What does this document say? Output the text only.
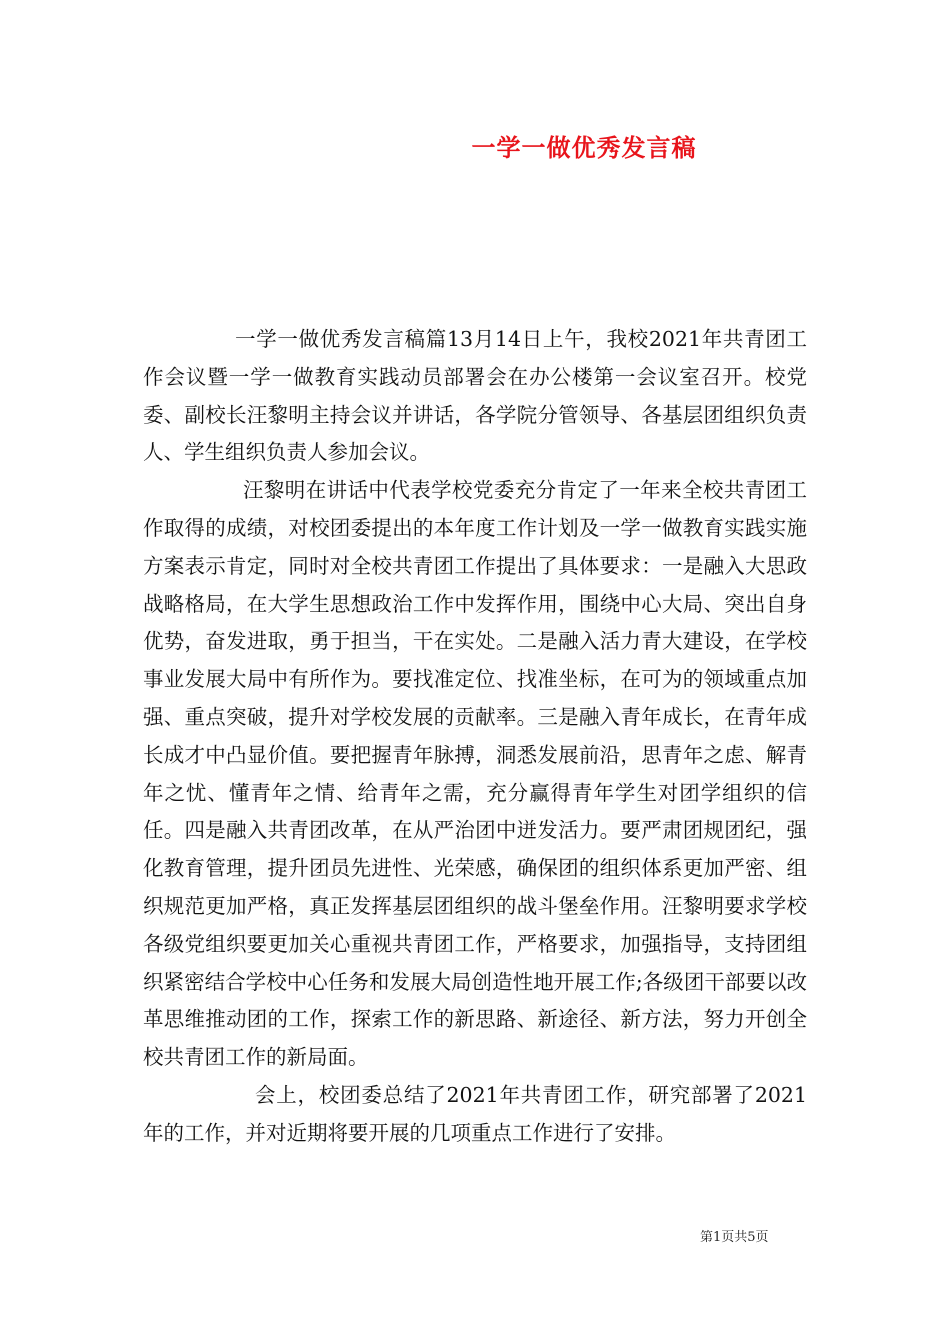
一学一做优秀发言稿

一学一做优秀发言稿篇13月14日上午，我校2021年共青团工作会议暨一学一做教育实践动员部署会在办公楼第一会议室召开。校党委、副校长汪黎明主持会议并讲话，各学院分管领导、各基层团组织负责人、学生组织负责人参加会议。

汪黎明在讲话中代表学校党委充分肯定了一年来全校共青团工作取得的成绩，对校团委提出的本年度工作计划及一学一做教育实践实施方案表示肯定，同时对全校共青团工作提出了具体要求：一是融入大思政战略格局，在大学生思想政治工作中发挥作用，围绕中心大局、突出自身优势，奋发进取，勇于担当，干在实处。二是融入活力青大建设，在学校事业发展大局中有所作为。要找准定位、找准坐标，在可为的领域重点加强、重点突破，提升对学校发展的贡献率。三是融入青年成长，在青年成长成才中凸显价值。要把握青年脉搏，洞悉发展前沿，思青年之虑、解青年之忧、懂青年之情、给青年之需，充分赢得青年学生对团学组织的信任。四是融入共青团改革，在从严治团中迸发活力。要严肃团规团纪，强化教育管理，提升团员先进性、光荣感，确保团的组织体系更加严密、组织规范更加严格，真正发挥基层团组织的战斗堡垒作用。汪黎明要求学校各级党组织要更加关心重视共青团工作，严格要求，加强指导，支持团组织紧密结合学校中心任务和发展大局创造性地开展工作;各级团干部要以改革思维推动团的工作，探索工作的新思路、新途径、新方法，努力开创全校共青团工作的新局面。

会上，校团委总结了2021年共青团工作，研究部署了2021年的工作，并对近期将要开展的几项重点工作进行了安排。

第1页共5页
